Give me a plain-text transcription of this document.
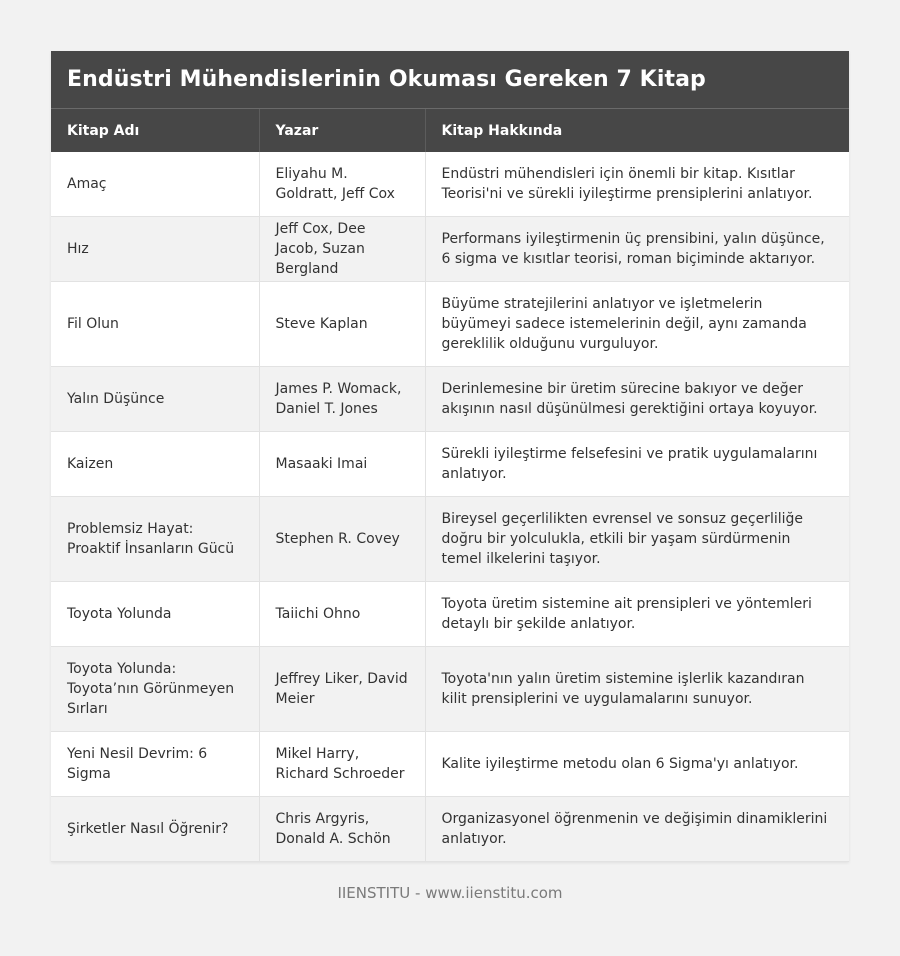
Endüstri Mühendislerinin Okuması Gereken 7 Kitap
Kitap Adı	Yazar	Kitap Hakkında
Amaç	Eliyahu M. Goldratt, Jeff Cox	Endüstri mühendisleri için önemli bir kitap. Kısıtlar Teorisi'ni ve sürekli iyileştirme prensiplerini anlatıyor.
Hız	Jeff Cox, Dee Jacob, Suzan Bergland	Performans iyileştirmenin üç prensibini, yalın düşünce, 6 sigma ve kısıtlar teorisi, roman biçiminde aktarıyor.
Fil Olun	Steve Kaplan	Büyüme stratejilerini anlatıyor ve işletmelerin büyümeyi sadece istemelerinin değil, aynı zamanda gereklilik olduğunu vurguluyor.
Yalın Düşünce	James P. Womack, Daniel T. Jones	Derinlemesine bir üretim sürecine bakıyor ve değer akışının nasıl düşünülmesi gerektiğini ortaya koyuyor.
Kaizen	Masaaki Imai	Sürekli iyileştirme felsefesini ve pratik uygulamalarını anlatıyor.
Problemsiz Hayat: Proaktif İnsanların Gücü	Stephen R. Covey	Bireysel geçerlilikten evrensel ve sonsuz geçerliliğe doğru bir yolculukla, etkili bir yaşam sürdürmenin temel ilkelerini taşıyor.
Toyota Yolunda	Taiichi Ohno	Toyota üretim sistemine ait prensipleri ve yöntemleri detaylı bir şekilde anlatıyor.
Toyota Yolunda: Toyota’nın Görünmeyen Sırları	Jeffrey Liker, David Meier	Toyota'nın yalın üretim sistemine işlerlik kazandıran kilit prensiplerini ve uygulamalarını sunuyor.
Yeni Nesil Devrim: 6 Sigma	Mikel Harry, Richard Schroeder	Kalite iyileştirme metodu olan 6 Sigma'yı anlatıyor.
Şirketler Nasıl Öğrenir?	Chris Argyris, Donald A. Schön	Organizasyonel öğrenmenin ve değişimin dinamiklerini anlatıyor.
IIENSTITU - www.iienstitu.com
